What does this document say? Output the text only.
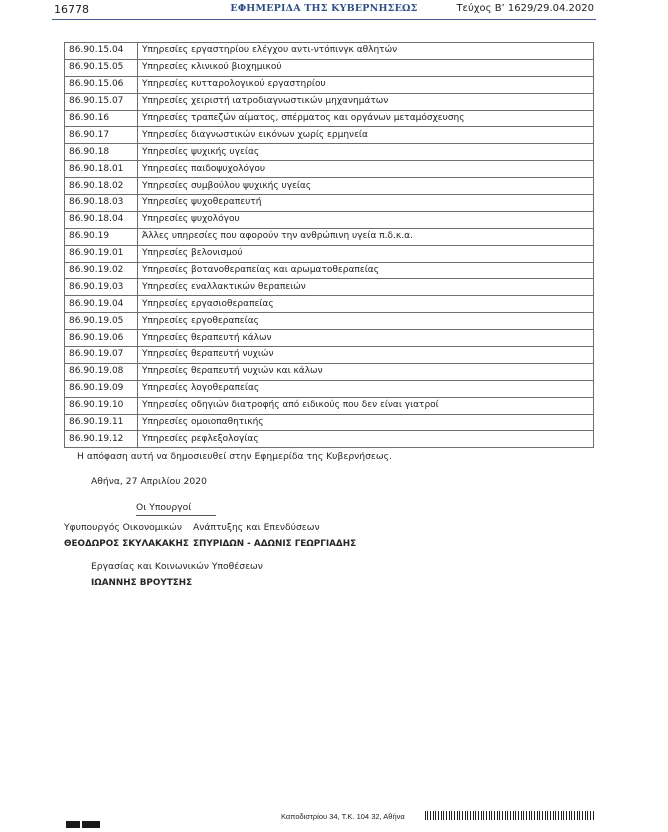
16778	ΕΦΗΜΕΡΙΔΑ ΤΗΣ ΚΥΒΕΡΝΗΣΕΩΣ	Τεύχος Β’ 1629/29.04.2020
86.90.15.04	Υπηρεσίες εργαστηρίου ελέγχου αντι-ντόπινγκ αθλητών
86.90.15.05	Υπηρεσίες κλινικού βιοχημικού
86.90.15.06	Υπηρεσίες κυτταρολογικού εργαστηρίου
86.90.15.07	Υπηρεσίες χειριστή ιατροδιαγνωστικών μηχανημάτων
86.90.16	Υπηρεσίες τραπεζών αίματος, σπέρματος και οργάνων μεταμόσχευσης
86.90.17	Υπηρεσίες διαγνωστικών εικόνων χωρίς ερμηνεία
86.90.18	Υπηρεσίες ψυχικής υγείας
86.90.18.01	Υπηρεσίες παιδοψυχολόγου
86.90.18.02	Υπηρεσίες συμβούλου ψυχικής υγείας
86.90.18.03	Υπηρεσίες ψυχοθεραπευτή
86.90.18.04	Υπηρεσίες ψυχολόγου
86.90.19	Άλλες υπηρεσίες που αφορούν την ανθρώπινη υγεία π.δ.κ.α.
86.90.19.01	Υπηρεσίες βελονισμού
86.90.19.02	Υπηρεσίες βοτανοθεραπείας και αρωματοθεραπείας
86.90.19.03	Υπηρεσίες εναλλακτικών θεραπειών
86.90.19.04	Υπηρεσίες εργασιοθεραπείας
86.90.19.05	Υπηρεσίες εργοθεραπείας
86.90.19.06	Υπηρεσίες θεραπευτή κάλων
86.90.19.07	Υπηρεσίες θεραπευτή νυχιών
86.90.19.08	Υπηρεσίες θεραπευτή νυχιών και κάλων
86.90.19.09	Υπηρεσίες λογοθεραπείας
86.90.19.10	Υπηρεσίες οδηγιών διατροφής από ειδικούς που δεν είναι γιατροί
86.90.19.11	Υπηρεσίες ομοιοπαθητικής
86.90.19.12	Υπηρεσίες ρεφλεξολογίας
Η απόφαση αυτή να δημοσιευθεί στην Εφημερίδα της Κυβερνήσεως.
Αθήνα, 27 Απριλίου 2020
Οι Υπουργοί
Υφυπουργός Οικονομικών Ανάπτυξης και Επενδύσεων
ΘΕΟΔΩΡΟΣ ΣΚΥΛΑΚΑΚΗΣ ΣΠΥΡΙΔΩΝ - ΑΔΩΝΙΣ ΓΕΩΡΓΙΑΔΗΣ
Εργασίας και Κοινωνικών Υποθέσεων
ΙΩΑΝΝΗΣ ΒΡΟΥΤΣΗΣ
Καποδιστρίου 34, Τ.Κ. 104 32, Αθήνα
